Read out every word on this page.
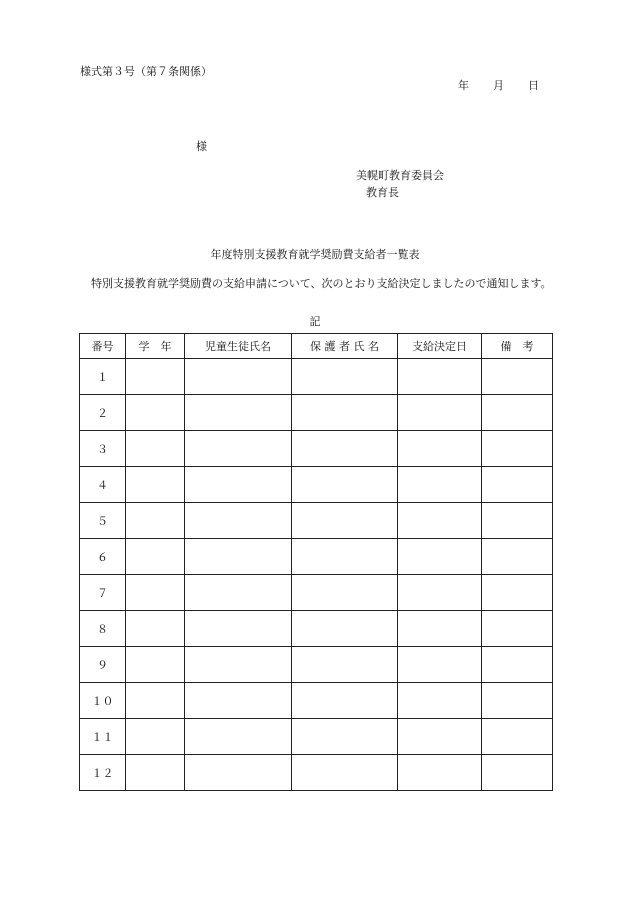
様式第３号（第７条関係）
年 月 日
様
美幌町教育委員会
教育長
年度特別支援教育就学奨励費支給者一覧表
特別支援教育就学奨励費の支給申請について、次のとおり支給決定しましたので通知します。
記
番号	学　年	児童生徒氏名	保 護 者 氏 名	支給決定日	備　考
１					
２					
３					
４					
５					
６					
７					
８					
９					
１０					
１１					
１２					
